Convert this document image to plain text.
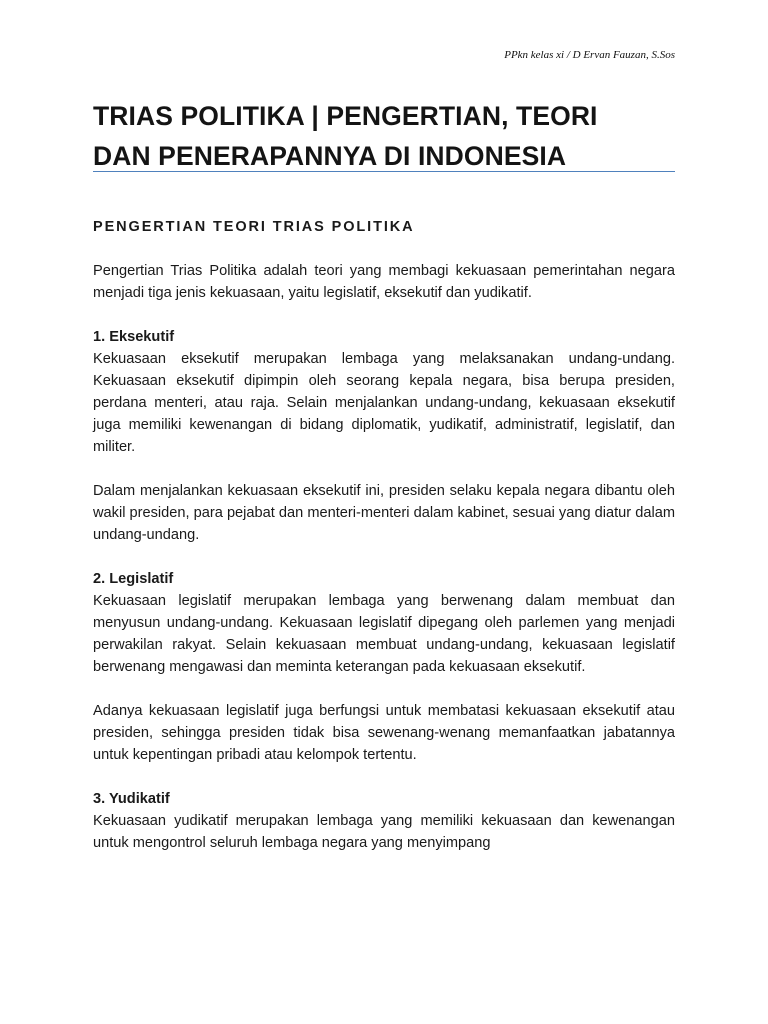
PPkn kelas xi / D Ervan Fauzan, S.Sos
TRIAS POLITIKA | PENGERTIAN, TEORI
DAN PENERAPANNYA DI INDONESIA
PENGERTIAN TEORI TRIAS POLITIKA

Pengertian Trias Politika adalah teori yang membagi kekuasaan pemerintahan negara menjadi tiga jenis kekuasaan, yaitu legislatif, eksekutif dan yudikatif.

1. Eksekutif

Kekuasaan eksekutif merupakan lembaga yang melaksanakan undang-undang. Kekuasaan eksekutif dipimpin oleh seorang kepala negara, bisa berupa presiden, perdana menteri, atau raja. Selain menjalankan undang-undang, kekuasaan eksekutif juga memiliki kewenangan di bidang diplomatik, yudikatif, administratif, legislatif, dan militer.

Dalam menjalankan kekuasaan eksekutif ini, presiden selaku kepala negara dibantu oleh wakil presiden, para pejabat dan menteri-menteri dalam kabinet, sesuai yang diatur dalam undang-undang.

2. Legislatif

Kekuasaan legislatif merupakan lembaga yang berwenang dalam membuat dan menyusun undang-undang. Kekuasaan legislatif dipegang oleh parlemen yang menjadi perwakilan rakyat. Selain kekuasaan membuat undang-undang, kekuasaan legislatif berwenang mengawasi dan meminta keterangan pada kekuasaan eksekutif.

Adanya kekuasaan legislatif juga berfungsi untuk membatasi kekuasaan eksekutif atau presiden, sehingga presiden tidak bisa sewenang-wenang memanfaatkan jabatannya untuk kepentingan pribadi atau kelompok tertentu.

3. Yudikatif

Kekuasaan yudikatif merupakan lembaga yang memiliki kekuasaan dan kewenangan untuk mengontrol seluruh lembaga negara yang menyimpang
